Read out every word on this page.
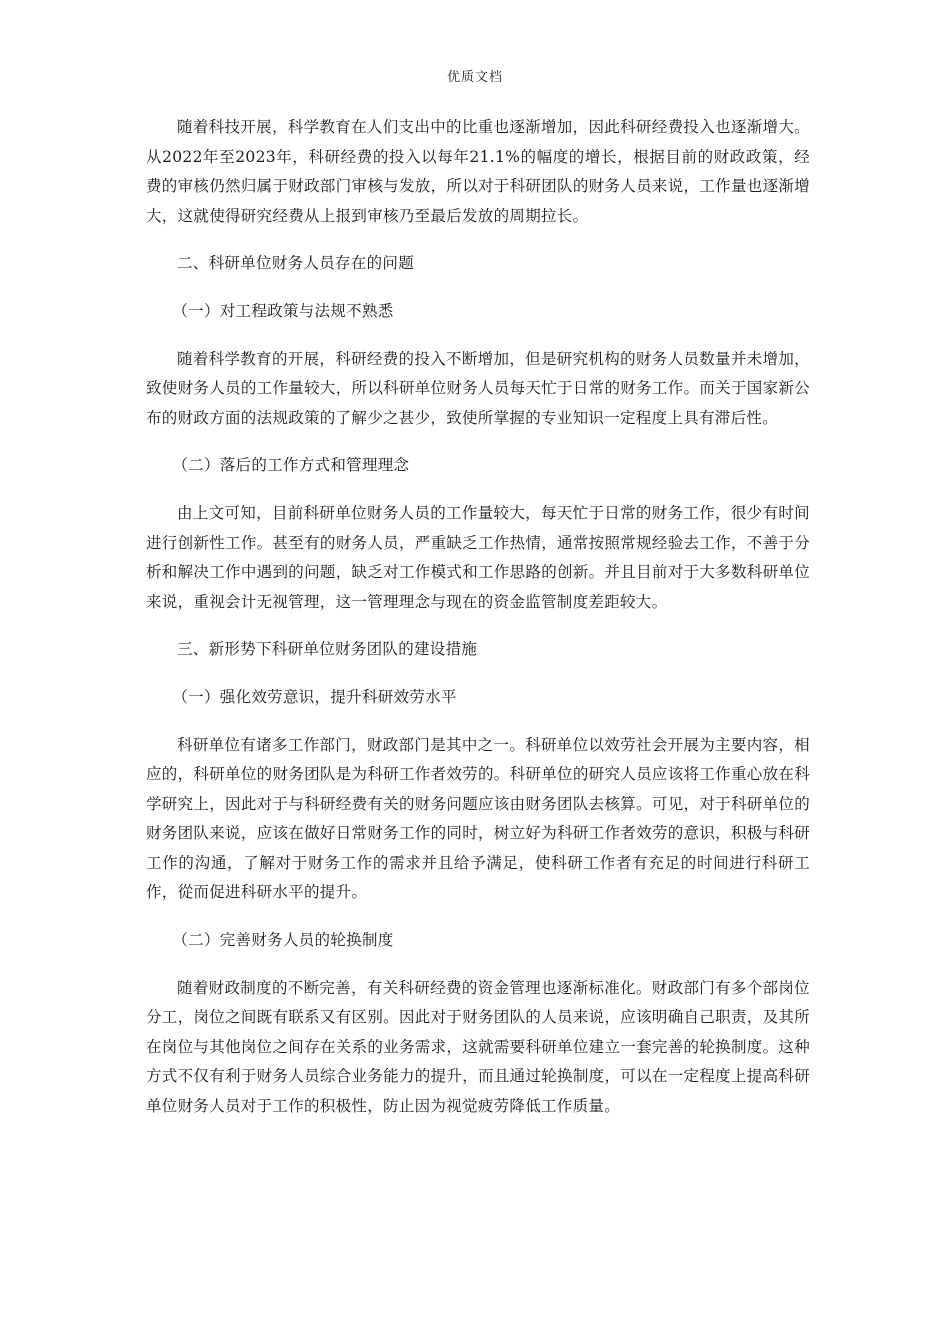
优质文档

随着科技开展，科学教育在人们支出中的比重也逐渐增加，因此科研经费投入也逐渐增大。从2022年至2023年，科研经费的投入以每年21.1%的幅度的增长，根据目前的财政政策，经费的审核仍然归属于财政部门审核与发放，所以对于科研团队的财务人员来说，工作量也逐渐增大，这就使得研究经费从上报到审核乃至最后发放的周期拉长。

二、科研单位财务人员存在的问题

（一）对工程政策与法规不熟悉

随着科学教育的开展，科研经费的投入不断增加，但是研究机构的财务人员数量并未增加，致使财务人员的工作量较大，所以科研单位财务人员每天忙于日常的财务工作。而关于国家新公布的财政方面的法规政策的了解少之甚少，致使所掌握的专业知识一定程度上具有滞后性。

（二）落后的工作方式和管理理念

由上文可知，目前科研单位财务人员的工作量较大，每天忙于日常的财务工作，很少有时间进行创新性工作。甚至有的财务人员，严重缺乏工作热情，通常按照常规经验去工作，不善于分析和解决工作中遇到的问题，缺乏对工作模式和工作思路的创新。并且目前对于大多数科研单位来说，重视会计无视管理，这一管理理念与现在的资金监管制度差距较大。

三、新形势下科研单位财务团队的建设措施

（一）强化效劳意识，提升科研效劳水平

科研单位有诸多工作部门，财政部门是其中之一。科研单位以效劳社会开展为主要内容，相应的，科研单位的财务团队是为科研工作者效劳的。科研单位的研究人员应该将工作重心放在科学研究上，因此对于与科研经费有关的财务问题应该由财务团队去核算。可见，对于科研单位的财务团队来说，应该在做好日常财务工作的同时，树立好为科研工作者效劳的意识，积极与科研工作的沟通，了解对于财务工作的需求并且给予满足，使科研工作者有充足的时间进行科研工作，從而促进科研水平的提升。

（二）完善财务人员的轮换制度

随着财政制度的不断完善，有关科研经费的资金管理也逐渐标准化。财政部门有多个部岗位分工，岗位之间既有联系又有区别。因此对于财务团队的人员来说，应该明确自己职责，及其所在岗位与其他岗位之间存在关系的业务需求，这就需要科研单位建立一套完善的轮换制度。这种方式不仅有利于财务人员综合业务能力的提升，而且通过轮换制度，可以在一定程度上提高科研单位财务人员对于工作的积极性，防止因为视觉疲劳降低工作质量。
